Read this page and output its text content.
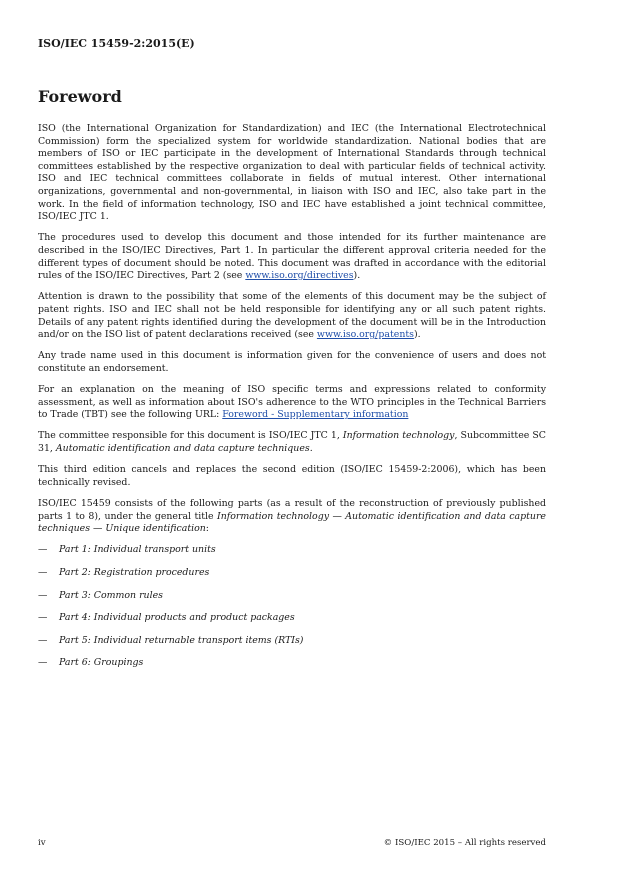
ISO/IEC 15459-2:2015(E)
Foreword

ISO (the International Organization for Standardization) and IEC (the International Electrotechnical Commission) form the specialized system for worldwide standardization. National bodies that are members of ISO or IEC participate in the development of International Standards through technical committees established by the respective organization to deal with particular fields of technical activity. ISO and IEC technical committees collaborate in fields of mutual interest. Other international organizations, governmental and non-governmental, in liaison with ISO and IEC, also take part in the work. In the field of information technology, ISO and IEC have established a joint technical committee, ISO/IEC JTC 1.

The procedures used to develop this document and those intended for its further maintenance are described in the ISO/IEC Directives, Part 1. In particular the different approval criteria needed for the different types of document should be noted. This document was drafted in accordance with the editorial rules of the ISO/IEC Directives, Part 2 (see www.iso.org/directives).

Attention is drawn to the possibility that some of the elements of this document may be the subject of patent rights. ISO and IEC shall not be held responsible for identifying any or all such patent rights. Details of any patent rights identified during the development of the document will be in the Introduction and/or on the ISO list of patent declarations received (see www.iso.org/patents).

Any trade name used in this document is information given for the convenience of users and does not constitute an endorsement.

For an explanation on the meaning of ISO specific terms and expressions related to conformity assessment, as well as information about ISO's adherence to the WTO principles in the Technical Barriers to Trade (TBT) see the following URL: Foreword - Supplementary information

The committee responsible for this document is ISO/IEC JTC 1, Information technology, Subcommittee SC 31, Automatic identification and data capture techniques.

This third edition cancels and replaces the second edition (ISO/IEC 15459-2:2006), which has been technically revised.

ISO/IEC 15459 consists of the following parts (as a result of the reconstruction of previously published parts 1 to 8), under the general title Information technology — Automatic identification and data capture techniques — Unique identification:

—	Part 1: Individual transport units
—	Part 2: Registration procedures
—	Part 3: Common rules
—	Part 4: Individual products and product packages
—	Part 5: Individual returnable transport items (RTIs)
—	Part 6: Groupings
iv	© ISO/IEC 2015 – All rights reserved
